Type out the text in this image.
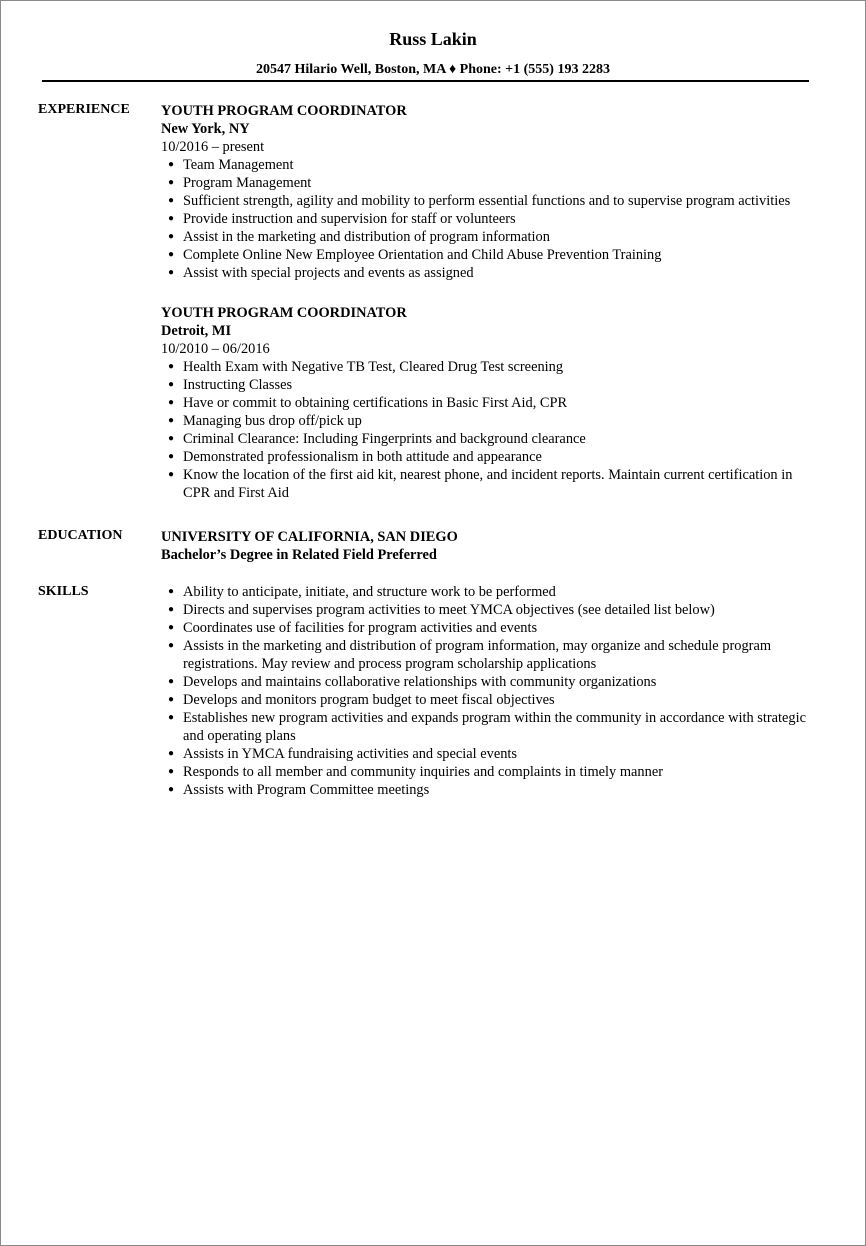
Russ Lakin
20547 Hilario Well, Boston, MA ♦ Phone: +1 (555) 193 2283
EXPERIENCE YOUTH PROGRAM COORDINATOR
New York, NY
10/2016 – present
● Team Management
● Program Management
● Sufficient strength, agility and mobility to perform essential functions and to supervise program activities
● Provide instruction and supervision for staff or volunteers
● Assist in the marketing and distribution of program information
● Complete Online New Employee Orientation and Child Abuse Prevention Training
● Assist with special projects and events as assigned
YOUTH PROGRAM COORDINATOR
Detroit, MI
10/2010 – 06/2016
● Health Exam with Negative TB Test, Cleared Drug Test screening
● Instructing Classes
● Have or commit to obtaining certifications in Basic First Aid, CPR
● Managing bus drop off/pick up
● Criminal Clearance: Including Fingerprints and background clearance
● Demonstrated professionalism in both attitude and appearance
● Know the location of the first aid kit, nearest phone, and incident reports. Maintain current certification in CPR and First Aid
EDUCATION	UNIVERSITY OF CALIFORNIA, SAN DIEGO
Bachelor’s Degree in Related Field Preferred
SKILLS	● Ability to anticipate, initiate, and structure work to be performed
● Directs and supervises program activities to meet YMCA objectives (see detailed list below)
● Coordinates use of facilities for program activities and events
● Assists in the marketing and distribution of program information, may organize and schedule program registrations. May review and process program scholarship applications
● Develops and maintains collaborative relationships with community organizations
● Develops and monitors program budget to meet fiscal objectives
● Establishes new program activities and expands program within the community in accordance with strategic and operating plans
● Assists in YMCA fundraising activities and special events
● Responds to all member and community inquiries and complaints in timely manner
● Assists with Program Committee meetings
